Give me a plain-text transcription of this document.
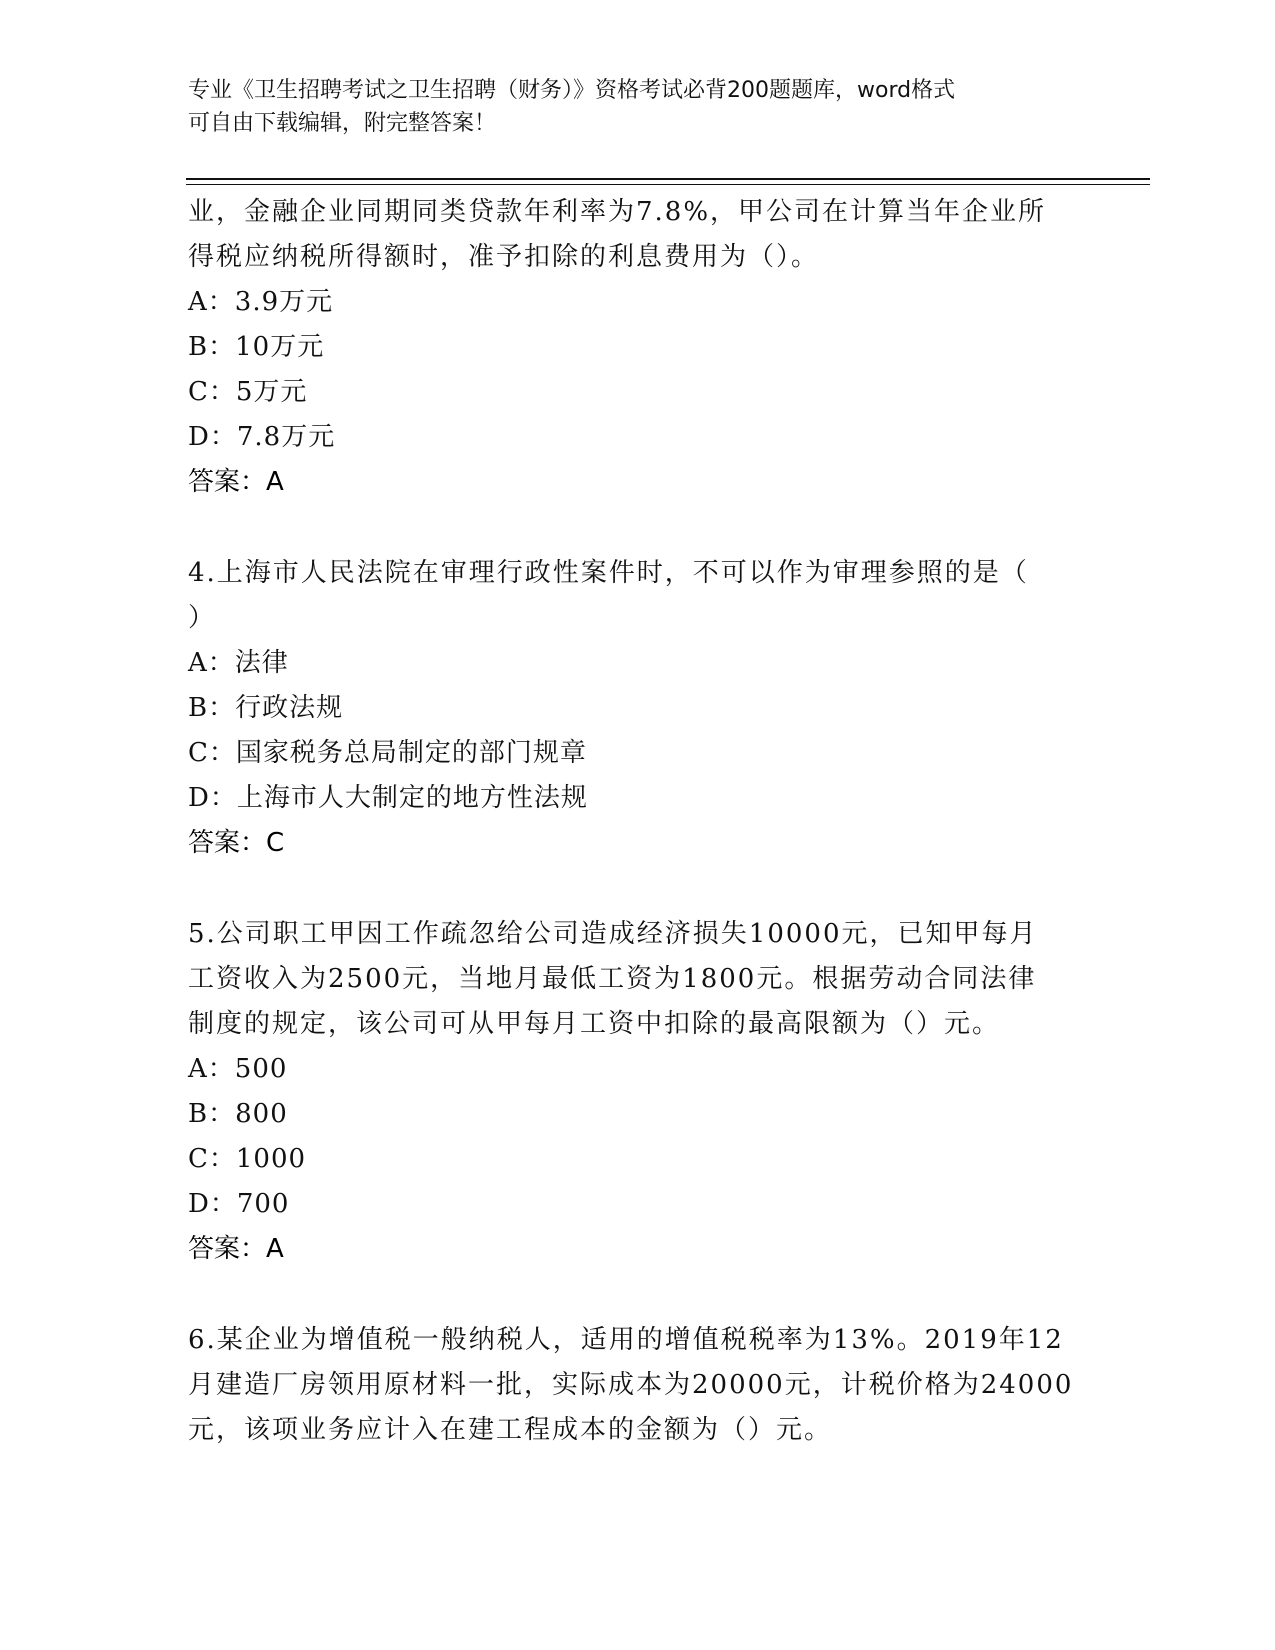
专业《卫生招聘考试之卫生招聘（财务）》资格考试必背200题题库，word格式
可自由下载编辑，附完整答案！

业，金融企业同期同类贷款年利率为7.8%，甲公司在计算当年企业所

得税应纳税所得额时，准予扣除的利息费用为（）。

A：3.9万元

B：10万元

C：5万元

D：7.8万元

答案：A

4.上海市人民法院在审理行政性案件时，不可以作为审理参照的是（

）

A：法律

B：行政法规

C：国家税务总局制定的部门规章

D：上海市人大制定的地方性法规

答案：C

5.公司职工甲因工作疏忽给公司造成经济损失10000元，已知甲每月

工资收入为2500元，当地月最低工资为1800元。根据劳动合同法律

制度的规定，该公司可从甲每月工资中扣除的最高限额为（）元。

A：500

B：800

C：1000

D：700

答案：A

6.某企业为增值税一般纳税人，适用的增值税税率为13%。2019年12

月建造厂房领用原材料一批，实际成本为20000元，计税价格为24000

元，该项业务应计入在建工程成本的金额为（）元。
